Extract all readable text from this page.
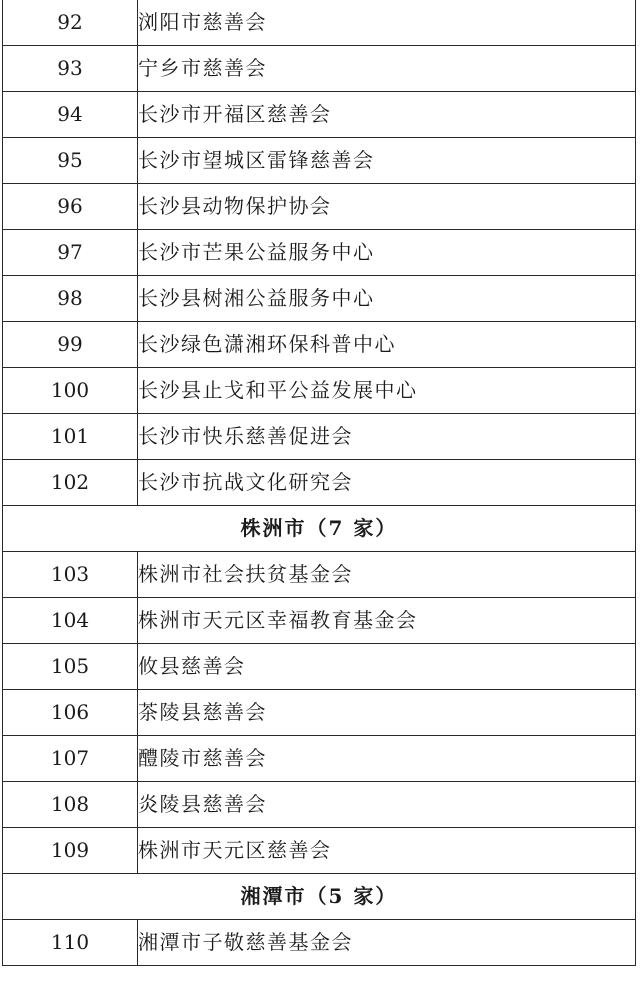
92	浏阳市慈善会
93	宁乡市慈善会
94	长沙市开福区慈善会
95	长沙市望城区雷锋慈善会
96	长沙县动物保护协会
97	长沙市芒果公益服务中心
98	长沙县树湘公益服务中心
99	长沙绿色潇湘环保科普中心
100	长沙县止戈和平公益发展中心
101	长沙市快乐慈善促进会
102	长沙市抗战文化研究会
株洲市（7 家）	
103	株洲市社会扶贫基金会
104	株洲市天元区幸福教育基金会
105	攸县慈善会
106	茶陵县慈善会
107	醴陵市慈善会
108	炎陵县慈善会
109	株洲市天元区慈善会
湘潭市（5 家）	
110	湘潭市子敬慈善基金会
